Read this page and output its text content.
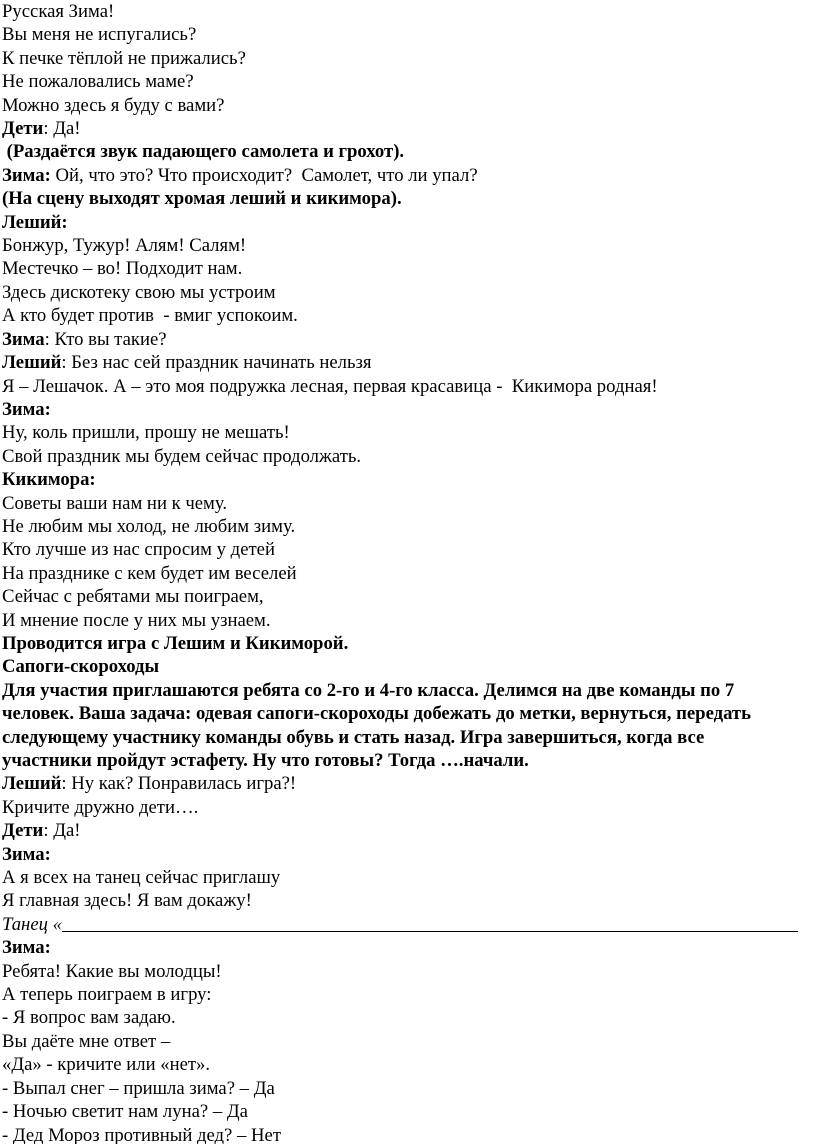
Русская Зима!

Вы меня не испугались?

К печке тёплой не прижались?

Не пожаловались маме?

Можно здесь я буду с вами?

Дети: Да!

(Раздаётся звук падающего самолета и грохот).

Зима: Ой, что это? Что происходит?  Самолет, что ли упал?

(На сцену выходят хромая леший и кикимора).

Леший:

Бонжур, Тужур! Алям! Салям!

Местечко – во! Подходит нам.

Здесь дискотеку свою мы устроим

А кто будет против  - вмиг успокоим.

Зима: Кто вы такие?

Леший: Без нас сей праздник начинать нельзя

Я – Лешачок. А – это моя подружка лесная, первая красавица -  Кикимора родная!

Зима:

Ну, коль пришли, прошу не мешать!

Свой праздник мы будем сейчас продолжать.

Кикимора:

Советы ваши нам ни к чему.

Не любим мы холод, не любим зиму.

Кто лучше из нас спросим у детей

На празднике с кем будет им веселей

Сейчас с ребятами мы поиграем,

И мнение после у них мы узнаем.

Проводится игра с Лешим и Кикиморой.

Сапоги-скороходы

Для участия приглашаются ребята со 2-го и 4-го класса. Делимся на две команды по 7 человек. Ваша задача: одевая сапоги-скороходы добежать до метки, вернуться, передать следующему участнику команды обувь и стать назад. Игра завершиться, когда все участники пройдут эстафету. Ну что готовы? Тогда ….начали.

Леший: Ну как? Понравилась игра?!

Кричите дружно дети….

Дети: Да!

Зима:

А я всех на танец сейчас приглашу

Я главная здесь! Я вам докажу!

Танец «

Зима:

Ребята! Какие вы молодцы!

А теперь поиграем в игру:

- Я вопрос вам задаю.

Вы даёте мне ответ –

«Да» - кричите или «нет».

- Выпал снег – пришла зима? – Да

- Ночью светит нам луна? – Да

- Дед Мороз противный дед? – Нет
